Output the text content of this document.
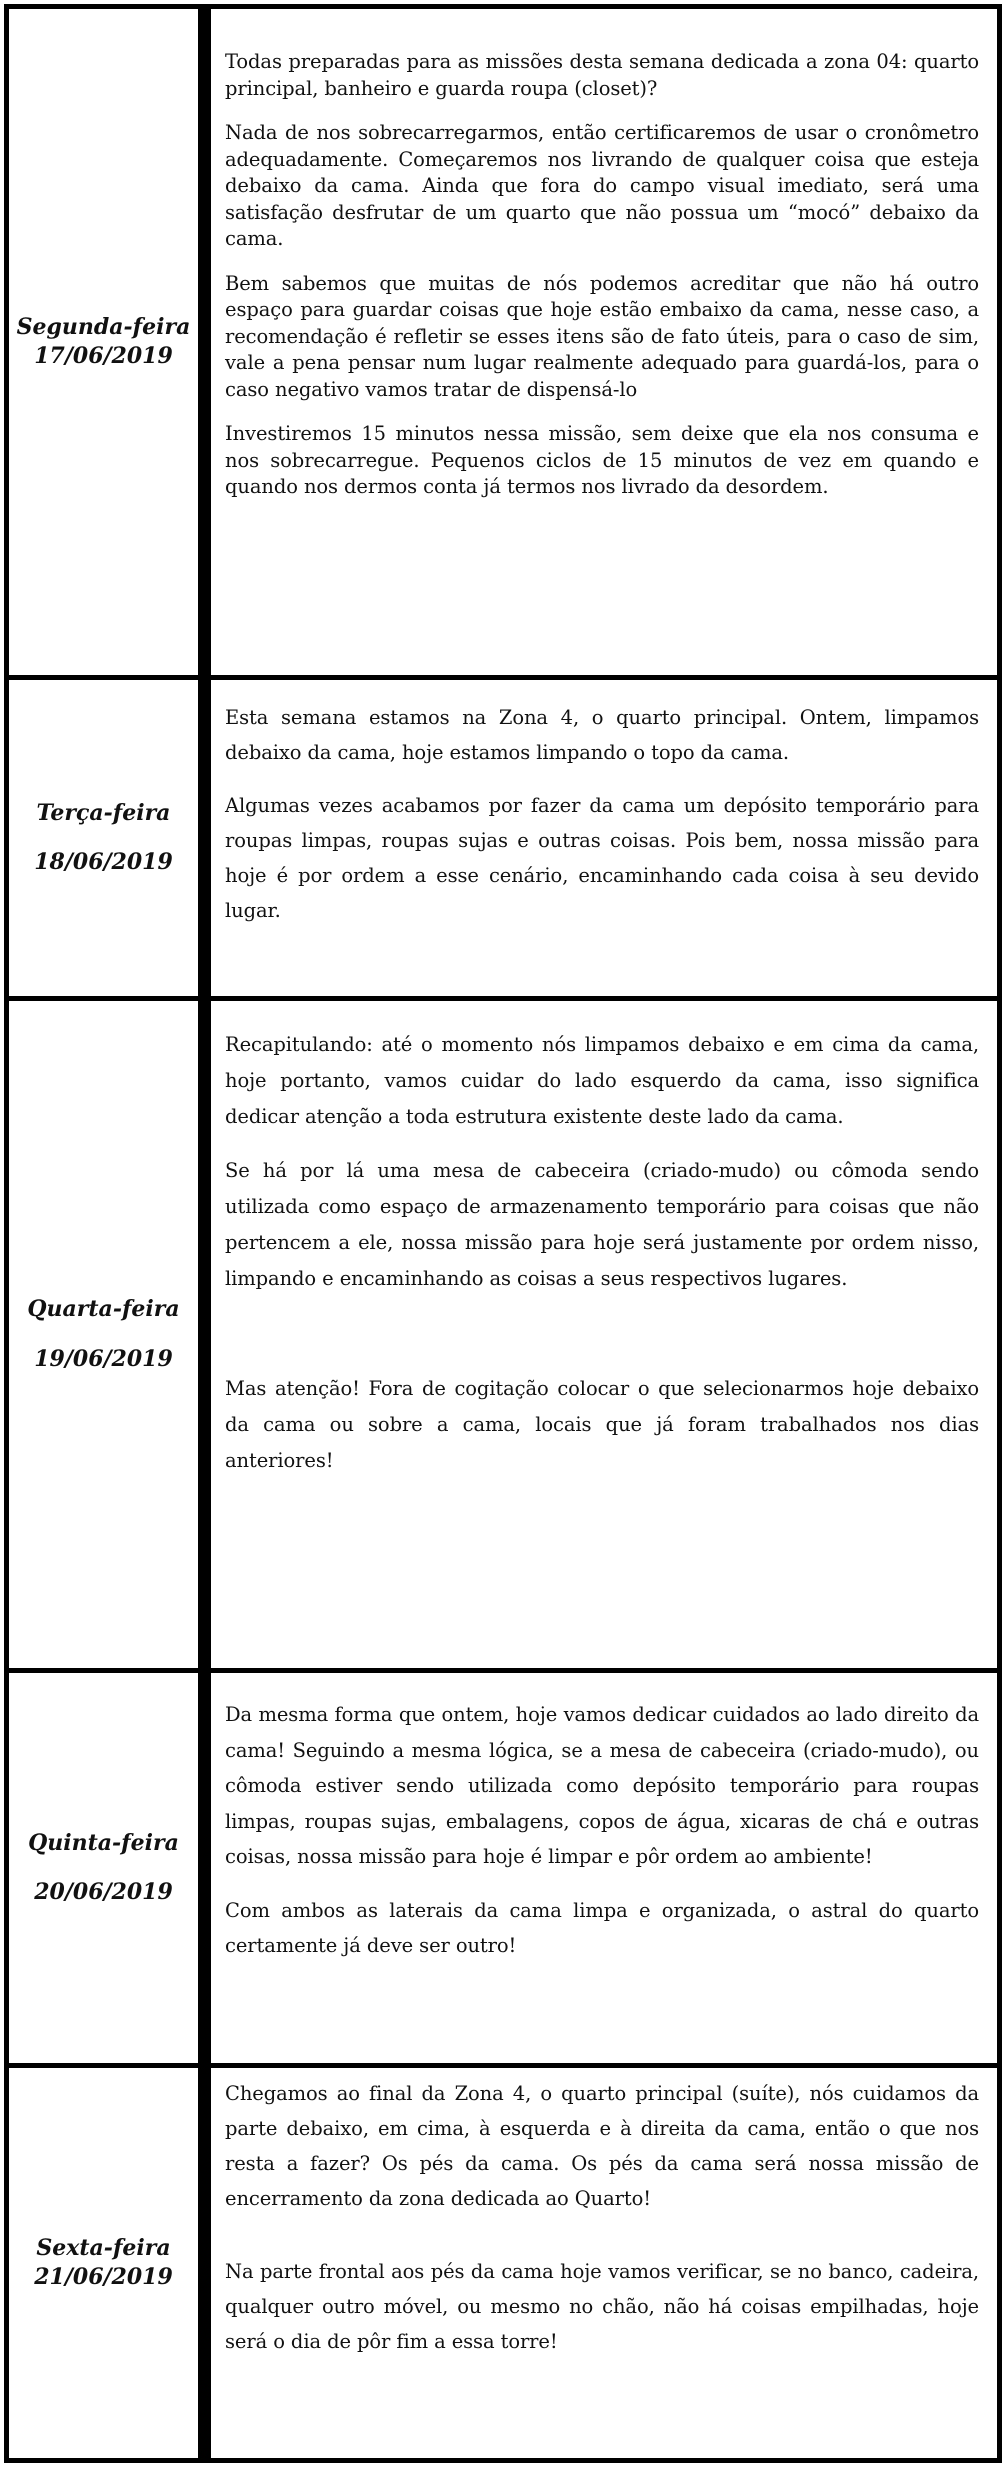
Segunda-feira

17/06/2019

Todas preparadas para as missões desta semana dedicada a zona 04: quarto principal, banheiro e guarda roupa (closet)?

Nada de nos sobrecarregarmos, então certificaremos de usar o cronômetro adequadamente. Começaremos nos livrando de qualquer coisa que esteja debaixo da cama. Ainda que fora do campo visual imediato, será uma satisfação desfrutar de um quarto que não possua um “mocó” debaixo da cama.

Bem sabemos que muitas de nós podemos acreditar que não há outro espaço para guardar coisas que hoje estão embaixo da cama, nesse caso, a recomendação é refletir se esses itens são de fato úteis, para o caso de sim, vale a pena pensar num lugar realmente adequado para guardá-los, para o caso negativo vamos tratar de dispensá-lo

Investiremos 15 minutos nessa missão, sem deixe que ela nos consuma e nos sobrecarregue. Pequenos ciclos de 15 minutos de vez em quando e quando nos dermos conta já termos nos livrado da desordem.

Terça-feira

18/06/2019

Esta semana estamos na Zona 4, o quarto principal. Ontem, limpamos debaixo da cama, hoje estamos limpando o topo da cama.

Algumas vezes acabamos por fazer da cama um depósito temporário para roupas limpas, roupas sujas e outras coisas. Pois bem, nossa missão para hoje é por ordem a esse cenário, encaminhando cada coisa à seu devido lugar.

Quarta-feira

19/06/2019

Recapitulando: até o momento nós limpamos debaixo e em cima da cama, hoje portanto, vamos cuidar do lado esquerdo da cama, isso significa dedicar atenção a toda estrutura existente deste lado da cama.

Se há por lá uma mesa de cabeceira (criado-mudo) ou cômoda sendo utilizada como espaço de armazenamento temporário para coisas que não pertencem a ele, nossa missão para hoje será justamente por ordem nisso, limpando e encaminhando as coisas a seus respectivos lugares.

Mas atenção! Fora de cogitação colocar o que selecionarmos hoje debaixo da cama ou sobre a cama, locais que já foram trabalhados nos dias anteriores!

Quinta-feira

20/06/2019

Da mesma forma que ontem, hoje vamos dedicar cuidados ao lado direito da cama! Seguindo a mesma lógica, se a mesa de cabeceira (criado-mudo), ou cômoda estiver sendo utilizada como depósito temporário para roupas limpas, roupas sujas, embalagens, copos de água, xicaras de chá e outras coisas, nossa missão para hoje é limpar e pôr ordem ao ambiente!

Com ambos as laterais da cama limpa e organizada, o astral do quarto certamente já deve ser outro!

Sexta-feira

21/06/2019

Chegamos ao final da Zona 4, o quarto principal (suíte), nós cuidamos da parte debaixo, em cima, à esquerda e à direita da cama, então o que nos resta a fazer? Os pés da cama. Os pés da cama será nossa missão de encerramento da zona dedicada ao Quarto!

Na parte frontal aos pés da cama hoje vamos verificar, se no banco, cadeira, qualquer outro móvel, ou mesmo no chão, não há coisas empilhadas, hoje será o dia de pôr fim a essa torre!
